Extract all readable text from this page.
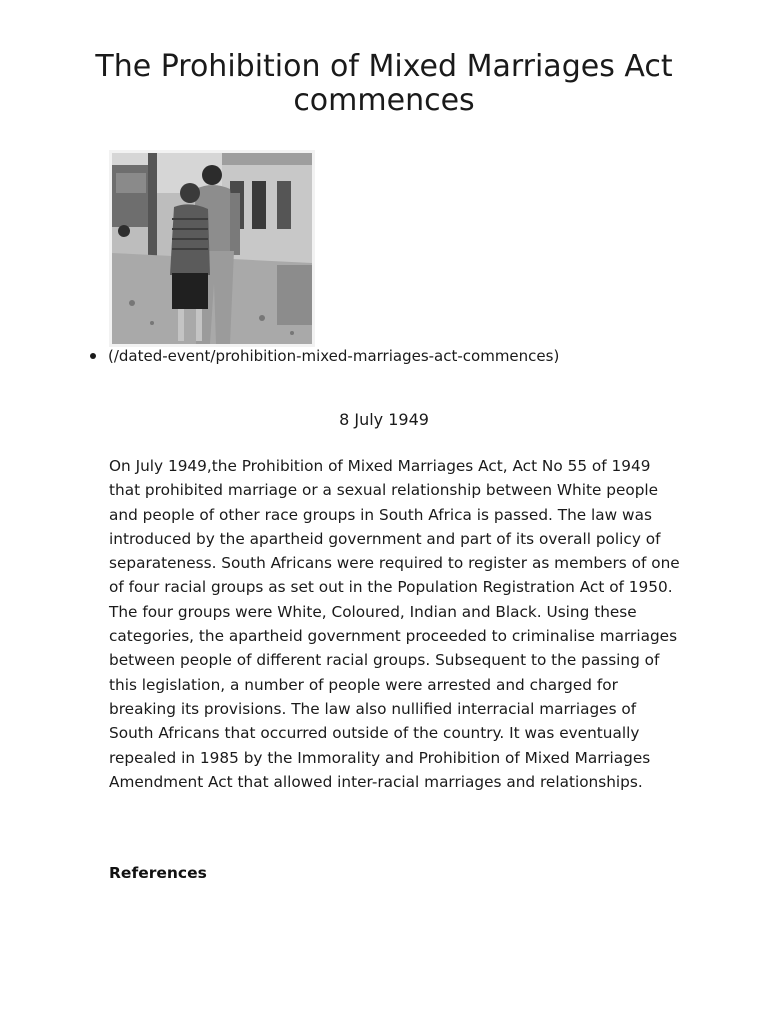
The Prohibition of Mixed Marriages Act commences
(/dated-event/prohibition-mixed-marriages-act-commences)

8 July 1949

On July 1949,the Prohibition of Mixed Marriages Act, Act No 55 of 1949 that prohibited marriage or a sexual relationship between White people and people of other race groups in South Africa is passed. The law was introduced by the apartheid government and part of its overall policy of separateness. South Africans were required to register as members of one of four racial groups as set out in the Population Registration Act of 1950. The four groups were White, Coloured, Indian and Black. Using these categories, the apartheid government proceeded to criminalise marriages between people of different racial groups. Subsequent to the passing of this legislation, a number of people were arrested and charged for breaking its provisions. The law also nullified interracial marriages of South Africans that occurred outside of the country. It was eventually repealed in 1985 by the Immorality and Prohibition of Mixed Marriages Amendment Act that allowed inter-racial marriages and relationships.

References
